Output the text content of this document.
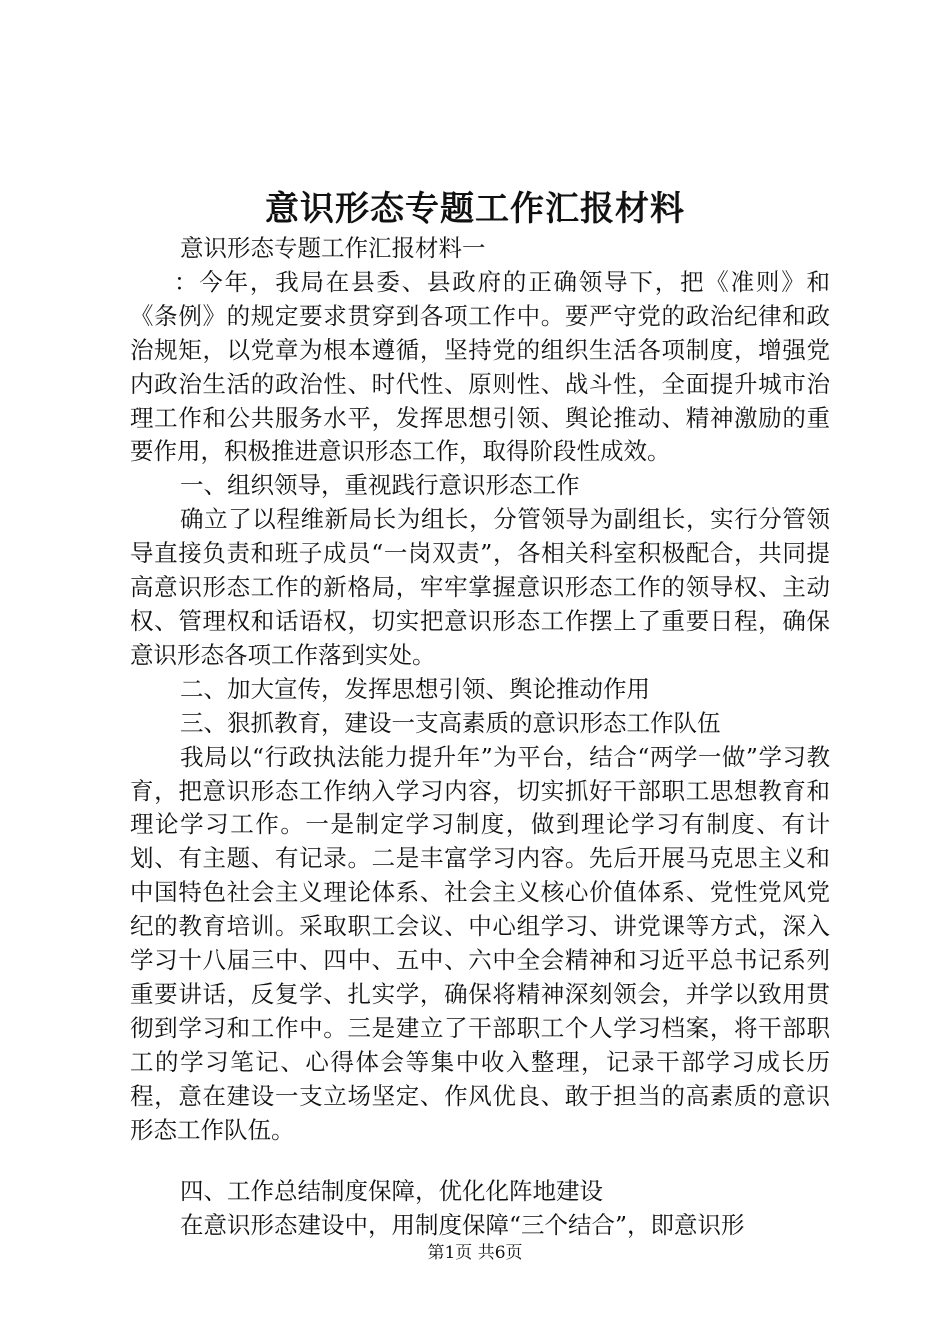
意识形态专题工作汇报材料

意识形态专题工作汇报材料一

：今年，我局在县委、县政府的正确领导下，把《准则》和《条例》的规定要求贯穿到各项工作中。要严守党的政治纪律和政治规矩，以党章为根本遵循，坚持党的组织生活各项制度，增强党内政治生活的政治性、时代性、原则性、战斗性，全面提升城市治理工作和公共服务水平，发挥思想引领、舆论推动、精神激励的重要作用，积极推进意识形态工作，取得阶段性成效。

一、组织领导，重视践行意识形态工作

确立了以程维新局长为组长，分管领导为副组长，实行分管领导直接负责和班子成员“一岗双责”，各相关科室积极配合，共同提高意识形态工作的新格局，牢牢掌握意识形态工作的领导权、主动权、管理权和话语权，切实把意识形态工作摆上了重要日程，确保意识形态各项工作落到实处。

二、加大宣传，发挥思想引领、舆论推动作用

三、狠抓教育，建设一支高素质的意识形态工作队伍

我局以“行政执法能力提升年”为平台，结合“两学一做”学习教育，把意识形态工作纳入学习内容，切实抓好干部职工思想教育和理论学习工作。一是制定学习制度，做到理论学习有制度、有计划、有主题、有记录。二是丰富学习内容。先后开展马克思主义和中国特色社会主义理论体系、社会主义核心价值体系、党性党风党纪的教育培训。采取职工会议、中心组学习、讲党课等方式，深入学习十八届三中、四中、五中、六中全会精神和习近平总书记系列重要讲话，反复学、扎实学，确保将精神深刻领会，并学以致用贯彻到学习和工作中。三是建立了干部职工个人学习档案，将干部职工的学习笔记、心得体会等集中收入整理，记录干部学习成长历程，意在建设一支立场坚定、作风优良、敢于担当的高素质的意识形态工作队伍。

四、工作总结制度保障，优化化阵地建设

在意识形态建设中，用制度保障“三个结合”，即意识形

第1页 共6页
